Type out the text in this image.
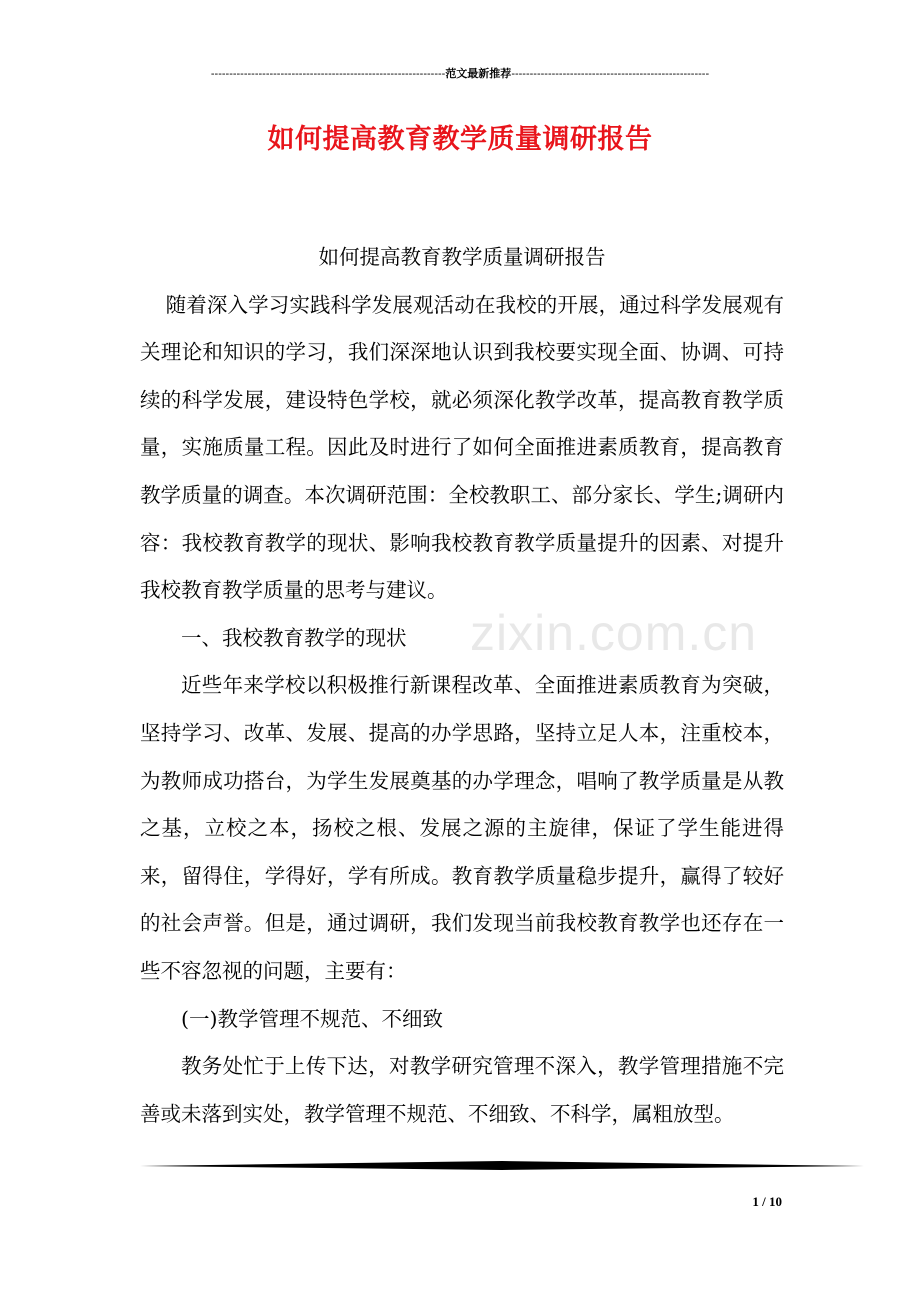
----------------------------------------------------------------范文最新推荐------------------------------------------------------
如何提高教育教学质量调研报告
zixin.com.cn

如何提高教育教学质量调研报告

随着深入学习实践科学发展观活动在我校的开展，通过科学发展观有关理论和知识的学习，我们深深地认识到我校要实现全面、协调、可持续的科学发展，建设特色学校，就必须深化教学改革，提高教育教学质量，实施质量工程。因此及时进行了如何全面推进素质教育，提高教育教学质量的调查。本次调研范围：全校教职工、部分家长、学生;调研内容：我校教育教学的现状、影响我校教育教学质量提升的因素、对提升我校教育教学质量的思考与建议。

一、我校教育教学的现状

近些年来学校以积极推行新课程改革、全面推进素质教育为突破，坚持学习、改革、发展、提高的办学思路，坚持立足人本，注重校本，为教师成功搭台，为学生发展奠基的办学理念，唱响了教学质量是从教之基，立校之本，扬校之根、发展之源的主旋律，保证了学生能进得来，留得住，学得好，学有所成。教育教学质量稳步提升，赢得了较好的社会声誉。但是，通过调研，我们发现当前我校教育教学也还存在一些不容忽视的问题，主要有：

(一)教学管理不规范、不细致

教务处忙于上传下达，对教学研究管理不深入，教学管理措施不完善或未落到实处，教学管理不规范、不细致、不科学，属粗放型。

1 / 10
